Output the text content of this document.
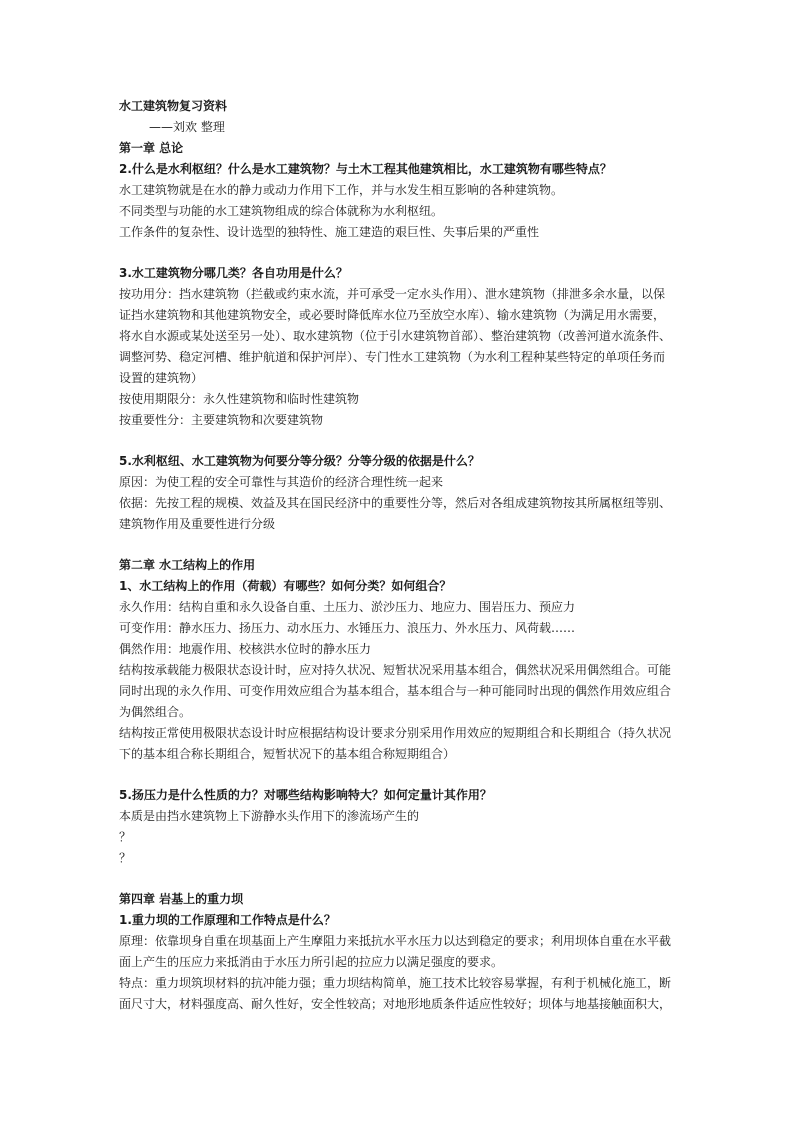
水工建筑物复习资料
——刘欢 整理
第一章 总论
2.什么是水利枢纽？什么是水工建筑物？与土木工程其他建筑相比，水工建筑物有哪些特点？
水工建筑物就是在水的静力或动力作用下工作，并与水发生相互影响的各种建筑物。
不同类型与功能的水工建筑物组成的综合体就称为水利枢纽。
工作条件的复杂性、设计选型的独特性、施工建造的艰巨性、失事后果的严重性
3.水工建筑物分哪几类？各自功用是什么？
按功用分：挡水建筑物（拦截或约束水流，并可承受一定水头作用）、泄水建筑物（排泄多余水量，以保
证挡水建筑物和其他建筑物安全，或必要时降低库水位乃至放空水库）、输水建筑物（为满足用水需要，
将水自水源或某处送至另一处）、取水建筑物（位于引水建筑物首部）、整治建筑物（改善河道水流条件、
调整河势、稳定河槽、维护航道和保护河岸）、专门性水工建筑物（为水利工程种某些特定的单项任务而
设置的建筑物）
按使用期限分：永久性建筑物和临时性建筑物
按重要性分：主要建筑物和次要建筑物
5.水利枢纽、水工建筑物为何要分等分级？分等分级的依据是什么？
原因：为使工程的安全可靠性与其造价的经济合理性统一起来
依据：先按工程的规模、效益及其在国民经济中的重要性分等，然后对各组成建筑物按其所属枢纽等别、
建筑物作用及重要性进行分级
第二章 水工结构上的作用
1、水工结构上的作用（荷载）有哪些？如何分类？如何组合？
永久作用：结构自重和永久设备自重、土压力、淤沙压力、地应力、围岩压力、预应力
可变作用：静水压力、扬压力、动水压力、水锤压力、浪压力、外水压力、风荷载……
偶然作用：地震作用、校核洪水位时的静水压力
结构按承载能力极限状态设计时，应对持久状况、短暂状况采用基本组合，偶然状况采用偶然组合。可能
同时出现的永久作用、可变作用效应组合为基本组合，基本组合与一种可能同时出现的偶然作用效应组合
为偶然组合。
结构按正常使用极限状态设计时应根据结构设计要求分别采用作用效应的短期组合和长期组合（持久状况
下的基本组合称长期组合，短暂状况下的基本组合称短期组合）
5.扬压力是什么性质的力？对哪些结构影响特大？如何定量计其作用？
本质是由挡水建筑物上下游静水头作用下的渗流场产生的
？
？
第四章 岩基上的重力坝
1.重力坝的工作原理和工作特点是什么？
原理：依靠坝身自重在坝基面上产生摩阻力来抵抗水平水压力以达到稳定的要求；利用坝体自重在水平截
面上产生的压应力来抵消由于水压力所引起的拉应力以满足强度的要求。
特点：重力坝筑坝材料的抗冲能力强；重力坝结构简单，施工技术比较容易掌握，有利于机械化施工，断
面尺寸大，材料强度高、耐久性好，安全性较高；对地形地质条件适应性较好；坝体与地基接触面积大，
